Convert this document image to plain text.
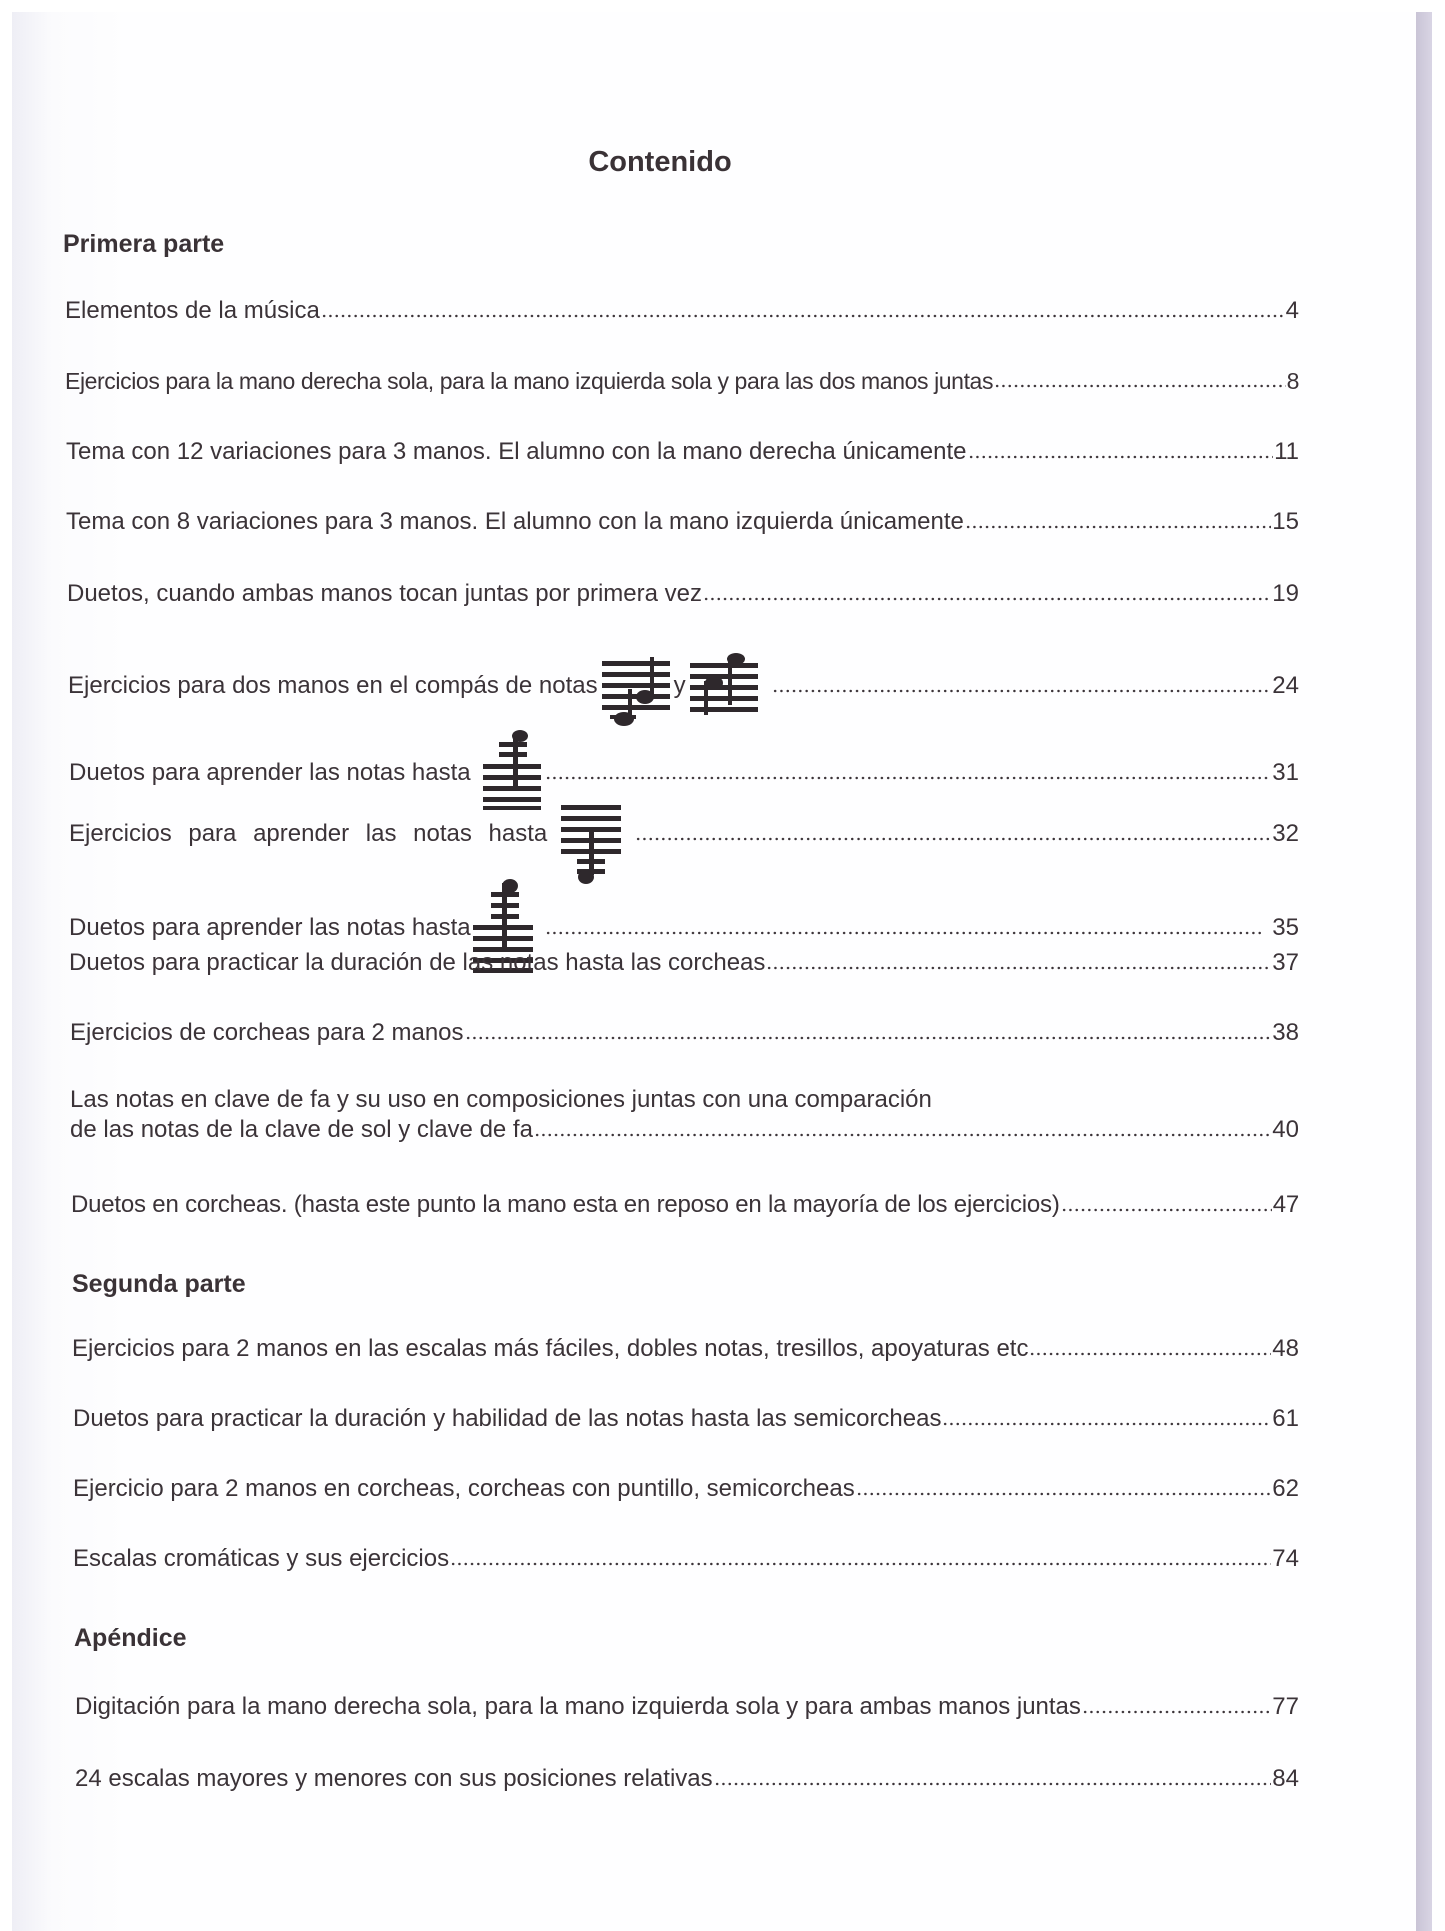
Contenido
Primera parte
Elementos de la música	4
Ejercicios para la mano derecha sola, para la mano izquierda sola y para las dos manos juntas	8
Tema con 12 variaciones para 3 manos. El alumno con la mano derecha únicamente	11
Tema con 8 variaciones para 3 manos. El alumno con la mano izquierda únicamente	15
Duetos, cuando ambas manos tocan juntas por primera vez	19
Ejercicios para dos manos en el compás de notas	y	24
Duetos para aprender las notas hasta	31
Ejercicios para aprender las notas hasta	32
Duetos para aprender las notas hasta	35
Duetos para practicar la duración de las notas hasta las corcheas	37
Ejercicios de corcheas para 2 manos	38
Las notas en clave de fa y su uso en composiciones juntas con una comparación
de las notas de la clave de sol y clave de fa	40
Duetos en corcheas. (hasta este punto la mano esta en reposo en la mayoría de los ejercicios)	47
Segunda parte
Ejercicios para 2 manos en las escalas más fáciles, dobles notas, tresillos, apoyaturas etc	48
Duetos para practicar la duración y habilidad de las notas hasta las semicorcheas	61
Ejercicio para 2 manos en corcheas, corcheas con puntillo, semicorcheas	62
Escalas cromáticas y sus ejercicios	74
Apéndice
Digitación para la mano derecha sola, para la mano izquierda sola y para ambas manos juntas	77
24 escalas mayores y menores con sus posiciones relativas	84
